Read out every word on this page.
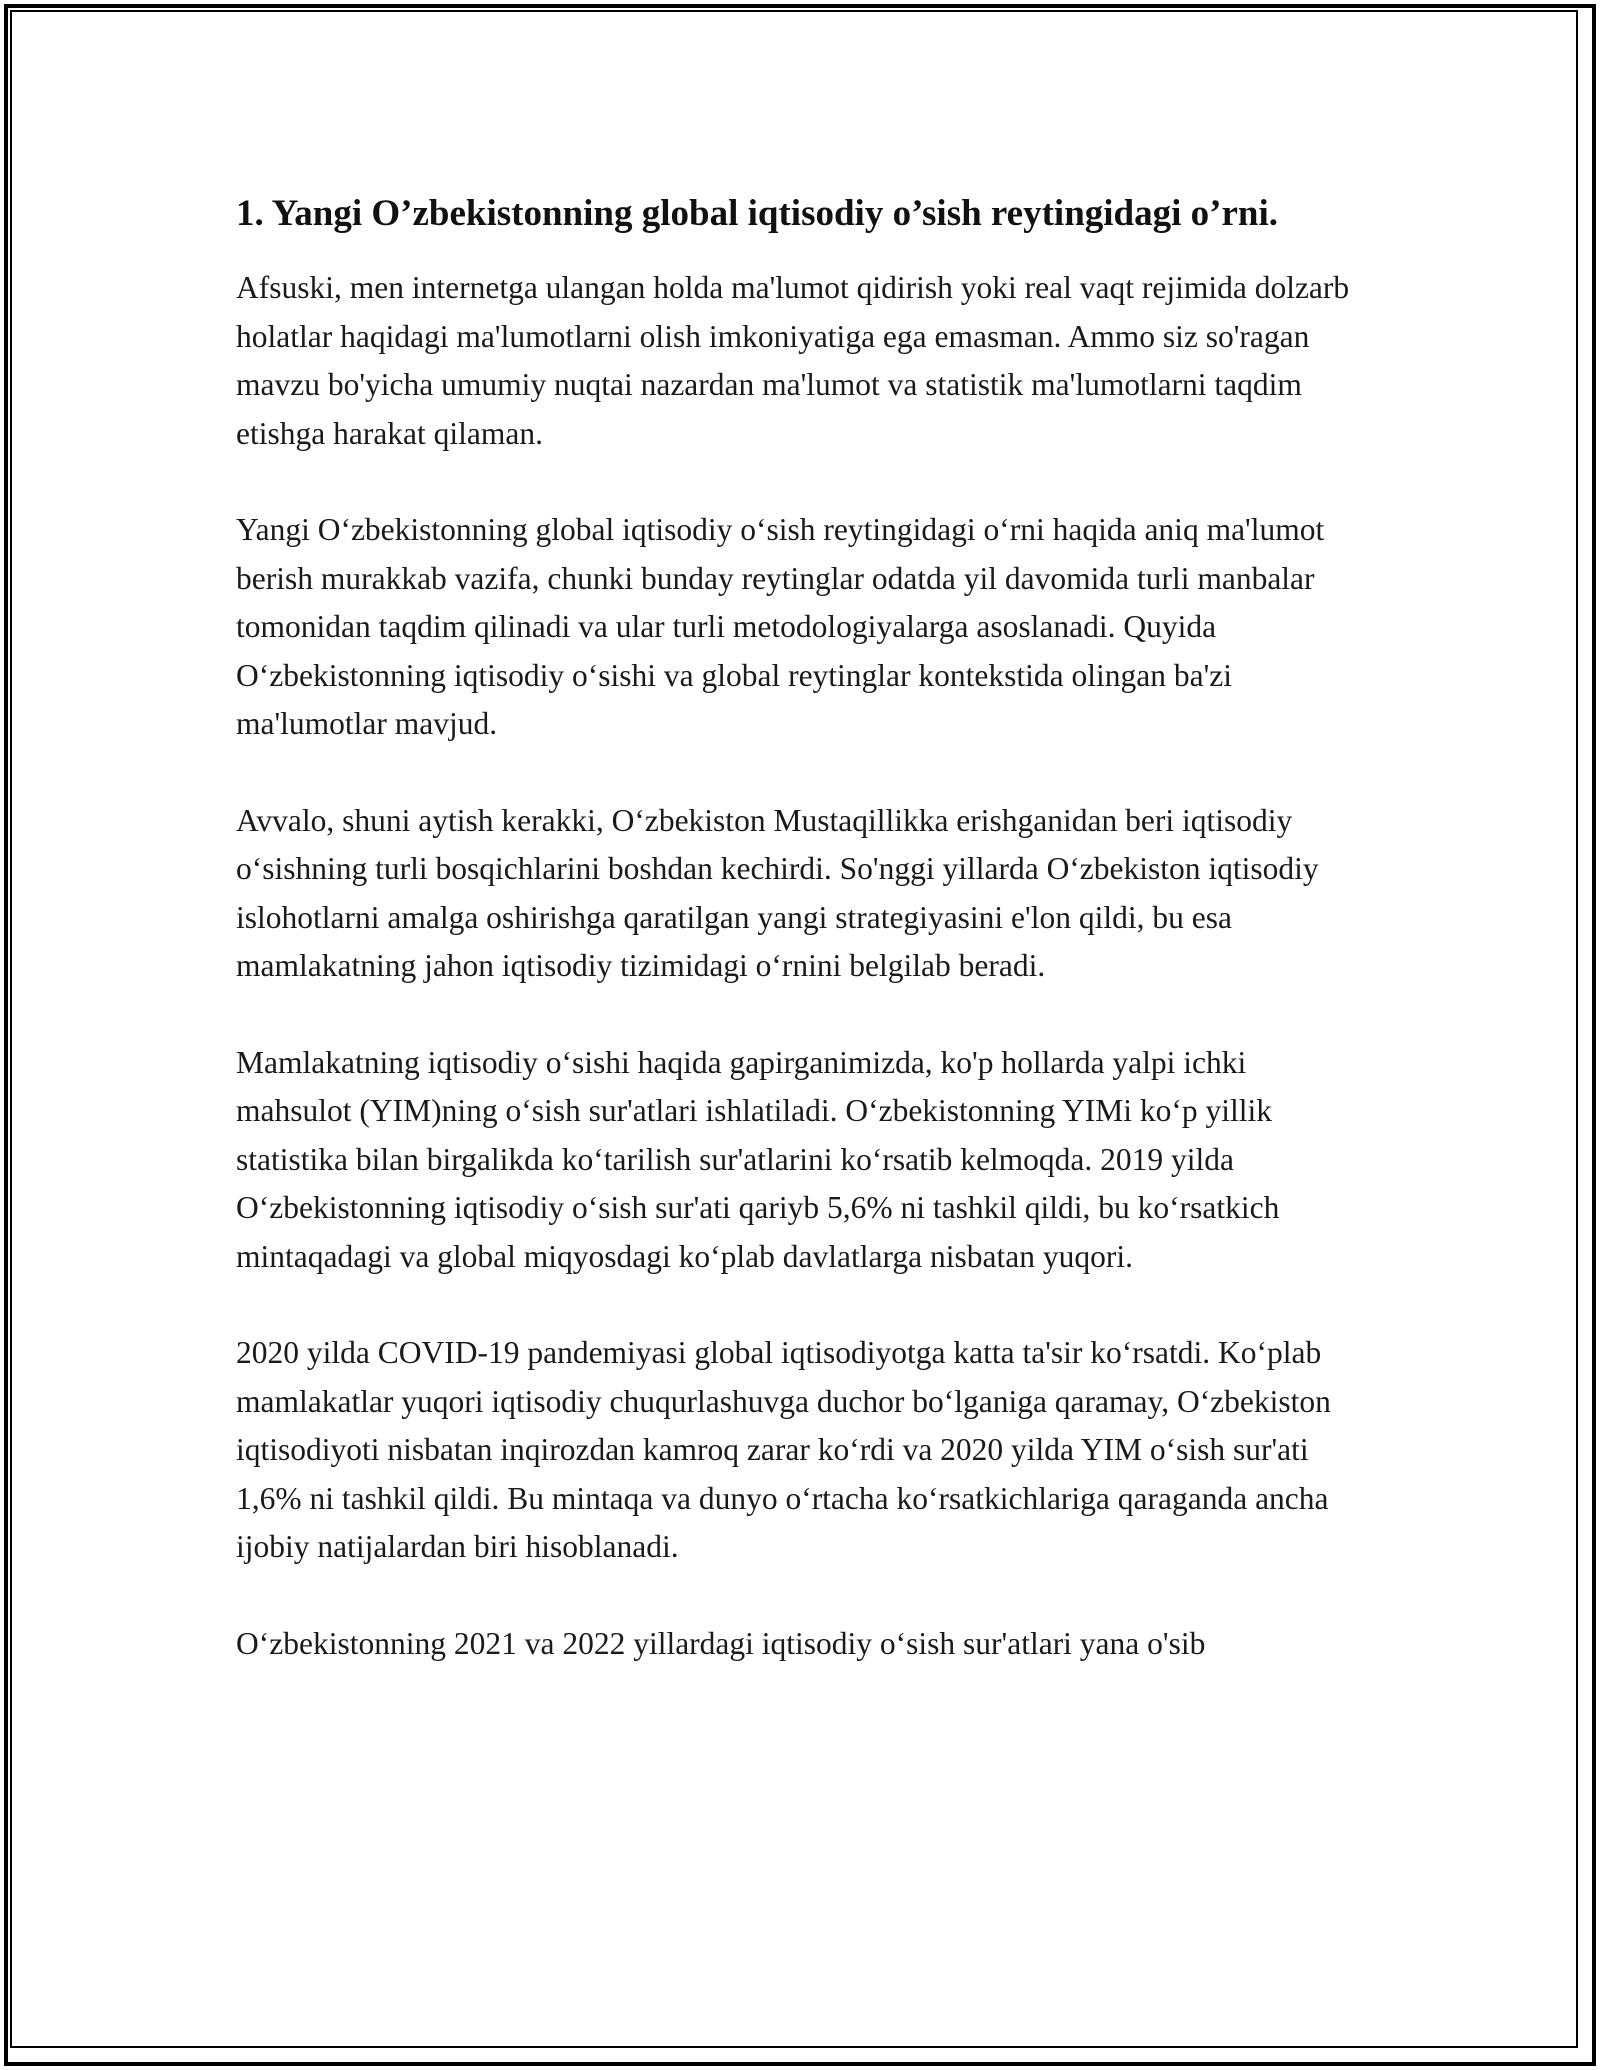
1. Yangi O’zbekistonning global iqtisodiy o’sish reytingidagi o’rni.

Afsuski, men internetga ulangan holda ma'lumot qidirish yoki real vaqt rejimida dolzarb holatlar haqidagi ma'lumotlarni olish imkoniyatiga ega emasman. Ammo siz so'ragan mavzu bo'yicha umumiy nuqtai nazardan ma'lumot va statistik ma'lumotlarni taqdim etishga harakat qilaman.

Yangi O‘zbekistonning global iqtisodiy o‘sish reytingidagi o‘rni haqida aniq ma'lumot berish murakkab vazifa, chunki bunday reytinglar odatda yil davomida turli manbalar tomonidan taqdim qilinadi va ular turli metodologiyalarga asoslanadi. Quyida O‘zbekistonning iqtisodiy o‘sishi va global reytinglar kontekstida olingan ba'zi ma'lumotlar mavjud.

Avvalo, shuni aytish kerakki, O‘zbekiston Mustaqillikka erishganidan beri iqtisodiy o‘sishning turli bosqichlarini boshdan kechirdi. So'nggi yillarda O‘zbekiston iqtisodiy islohotlarni amalga oshirishga qaratilgan yangi strategiyasini e'lon qildi, bu esa mamlakatning jahon iqtisodiy tizimidagi o‘rnini belgilab beradi.

Mamlakatning iqtisodiy o‘sishi haqida gapirganimizda, ko'p hollarda yalpi ichki mahsulot (YIM)ning o‘sish sur'atlari ishlatiladi. O‘zbekistonning YIMi ko‘p yillik statistika bilan birgalikda ko‘tarilish sur'atlarini ko‘rsatib kelmoqda. 2019 yilda O‘zbekistonning iqtisodiy o‘sish sur'ati qariyb 5,6% ni tashkil qildi, bu ko‘rsatkich mintaqadagi va global miqyosdagi ko‘plab davlatlarga nisbatan yuqori.

2020 yilda COVID-19 pandemiyasi global iqtisodiyotga katta ta'sir ko‘rsatdi. Ko‘plab mamlakatlar yuqori iqtisodiy chuqurlashuvga duchor bo‘lganiga qaramay, O‘zbekiston iqtisodiyoti nisbatan inqirozdan kamroq zarar ko‘rdi va 2020 yilda YIM o‘sish sur'ati 1,6% ni tashkil qildi. Bu mintaqa va dunyo o‘rtacha ko‘rsatkichlariga qaraganda ancha ijobiy natijalardan biri hisoblanadi.

O‘zbekistonning 2021 va 2022 yillardagi iqtisodiy o‘sish sur'atlari yana o'sib
